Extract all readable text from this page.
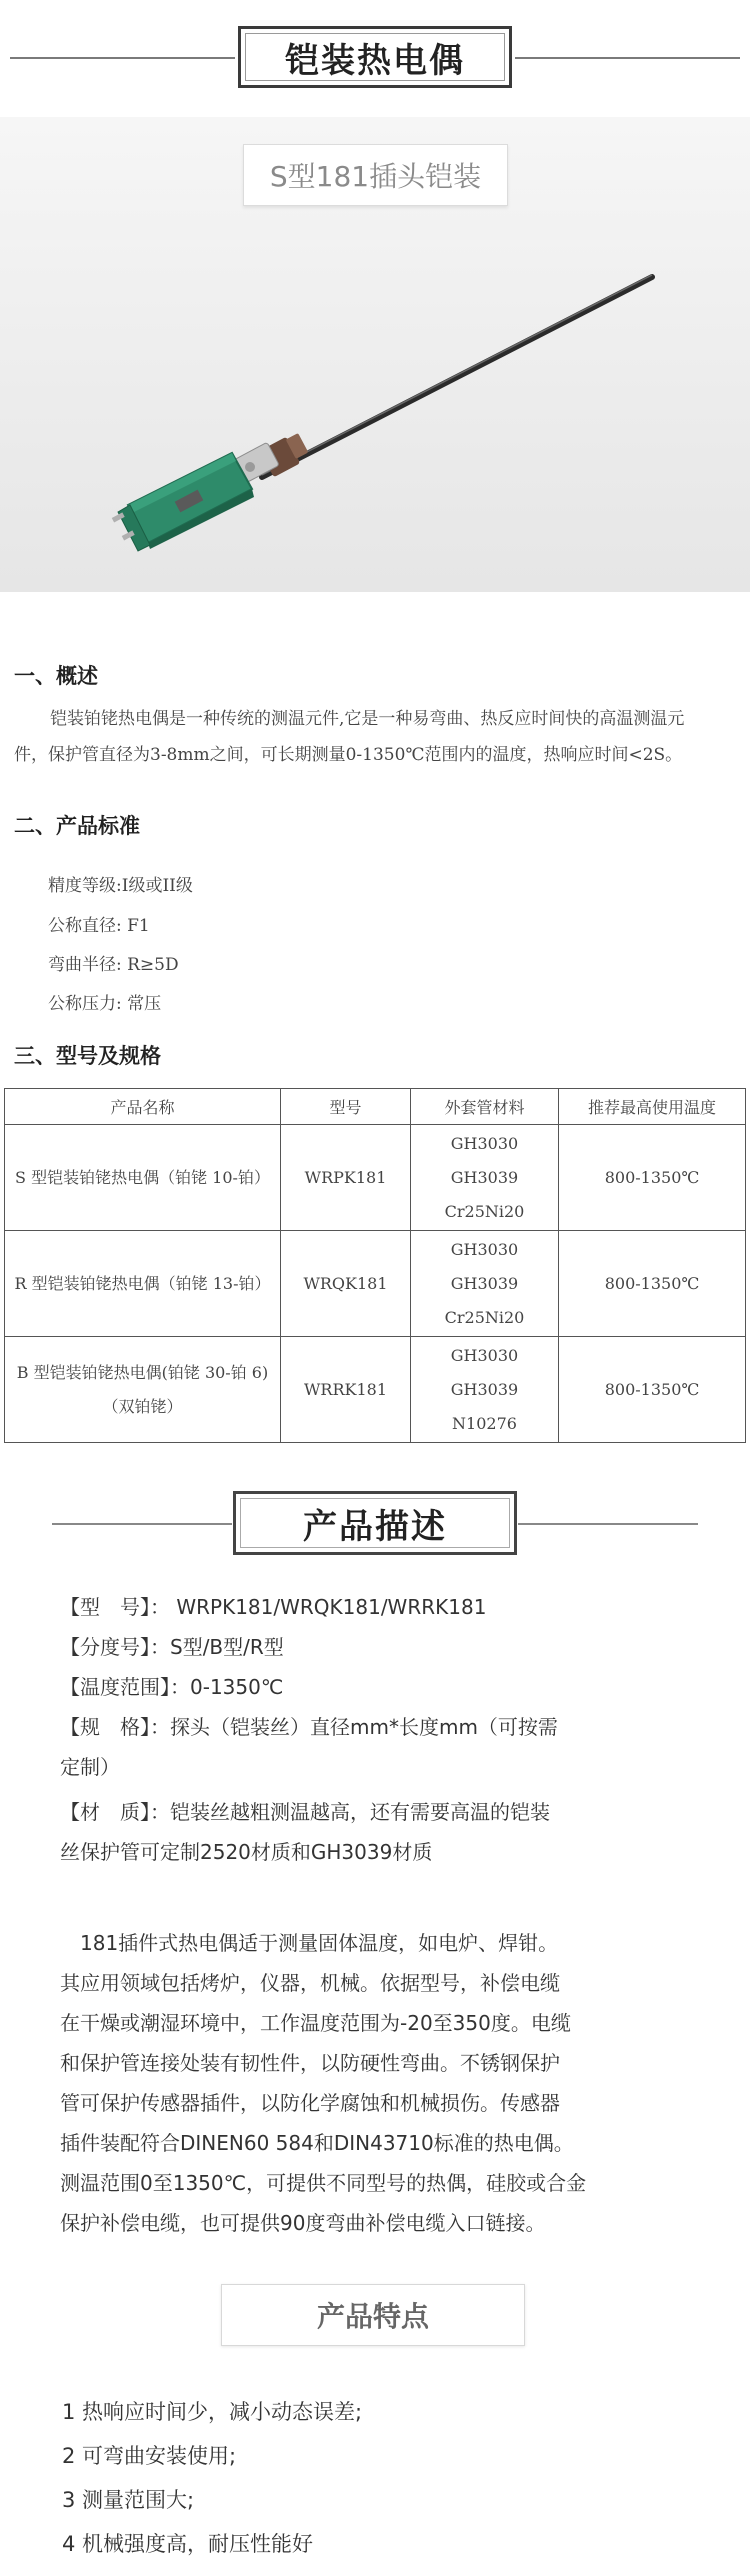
铠装热电偶
S型181插头铠装
一、概述
铠装铂铑热电偶是一种传统的测温元件,它是一种易弯曲、热反应时间快的高温测温元
件，保护管直径为3-8mm之间，可长期测量0-1350℃范围内的温度，热响应时间<2S。
二、产品标准
精度等级:I级或II级
公称直径: F1
弯曲半径: R≥5D
公称压力: 常压
三、型号及规格
产品名称	型号	外套管材料	推荐最高使用温度

S 型铠装铂铑热电偶（铂铑 10-铂）	WRPK181	GH3030
GH3039
Cr25Ni20	800-1350℃

R 型铠装铂铑热电偶（铂铑 13-铂）	WRQK181	GH3030
GH3039
Cr25Ni20	800-1350℃

B 型铠装铂铑热电偶(铂铑 30-铂 6)
（双铂铑）	WRRK181	GH3030
GH3039
N10276	800-1350℃
产品描述
【型　号】： WRPK181/WRQK181/WRRK181
【分度号】：S型/B型/R型
【温度范围】：0-1350℃
【规　格】：探头（铠装丝）直径mm*长度mm（可按需
定制）
【材　质】：铠装丝越粗测温越高，还有需要高温的铠装
丝保护管可定制2520材质和GH3039材质
　181插件式热电偶适于测量固体温度，如电炉、焊钳。
其应用领域包括烤炉，仪器，机械。依据型号，补偿电缆
在干燥或潮湿环境中，工作温度范围为-20至350度。电缆
和保护管连接处装有韧性件，以防硬性弯曲。不锈钢保护
管可保护传感器插件，以防化学腐蚀和机械损伤。传感器
插件装配符合DINEN60 584和DIN43710标准的热电偶。
测温范围0至1350℃，可提供不同型号的热偶，硅胶或合金
保护补偿电缆，也可提供90度弯曲补偿电缆入口链接。
产品特点
1 热响应时间少，减小动态误差;
2 可弯曲安装使用;
3 测量范围大;
4 机械强度高，耐压性能好
